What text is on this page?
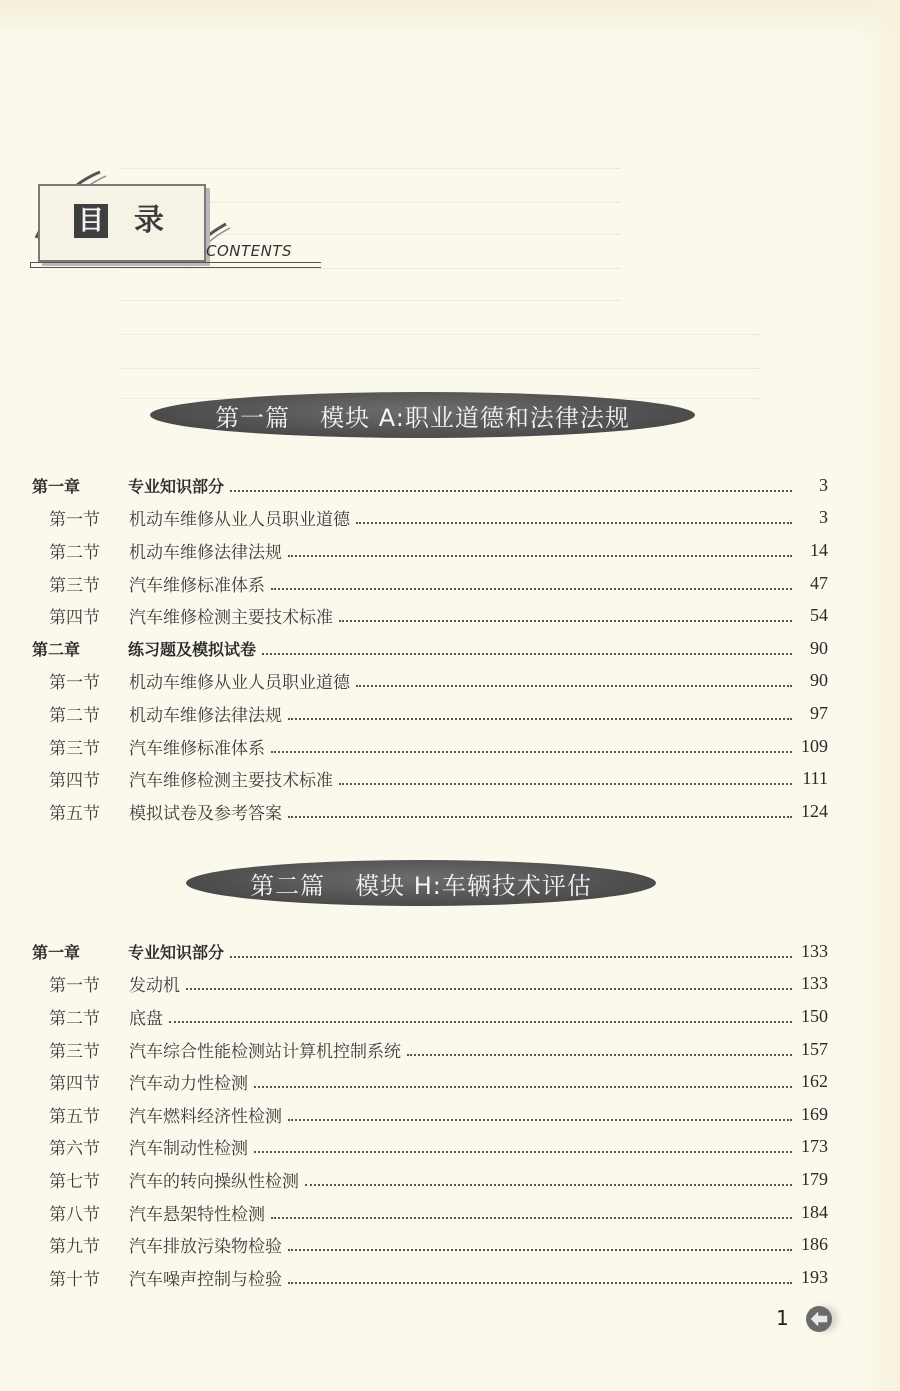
目 录
CONTENTS
第一篇 模块 A:职业道德和法律法规
第一章	专业知识部分	3
第一节	机动车维修从业人员职业道德	3
第二节	机动车维修法律法规	14
第三节	汽车维修标准体系	47
第四节	汽车维修检测主要技术标准	54
第二章	练习题及模拟试卷	90
第一节	机动车维修从业人员职业道德	90
第二节	机动车维修法律法规	97
第三节	汽车维修标准体系	109
第四节	汽车维修检测主要技术标准	111
第五节	模拟试卷及参考答案	124
第二篇 模块 H:车辆技术评估
第一章	专业知识部分	133
第一节	发动机	133
第二节	底盘	150
第三节	汽车综合性能检测站计算机控制系统	157
第四节	汽车动力性检测	162
第五节	汽车燃料经济性检测	169
第六节	汽车制动性检测	173
第七节	汽车的转向操纵性检测	179
第八节	汽车悬架特性检测	184
第九节	汽车排放污染物检验	186
第十节	汽车噪声控制与检验	193
1
